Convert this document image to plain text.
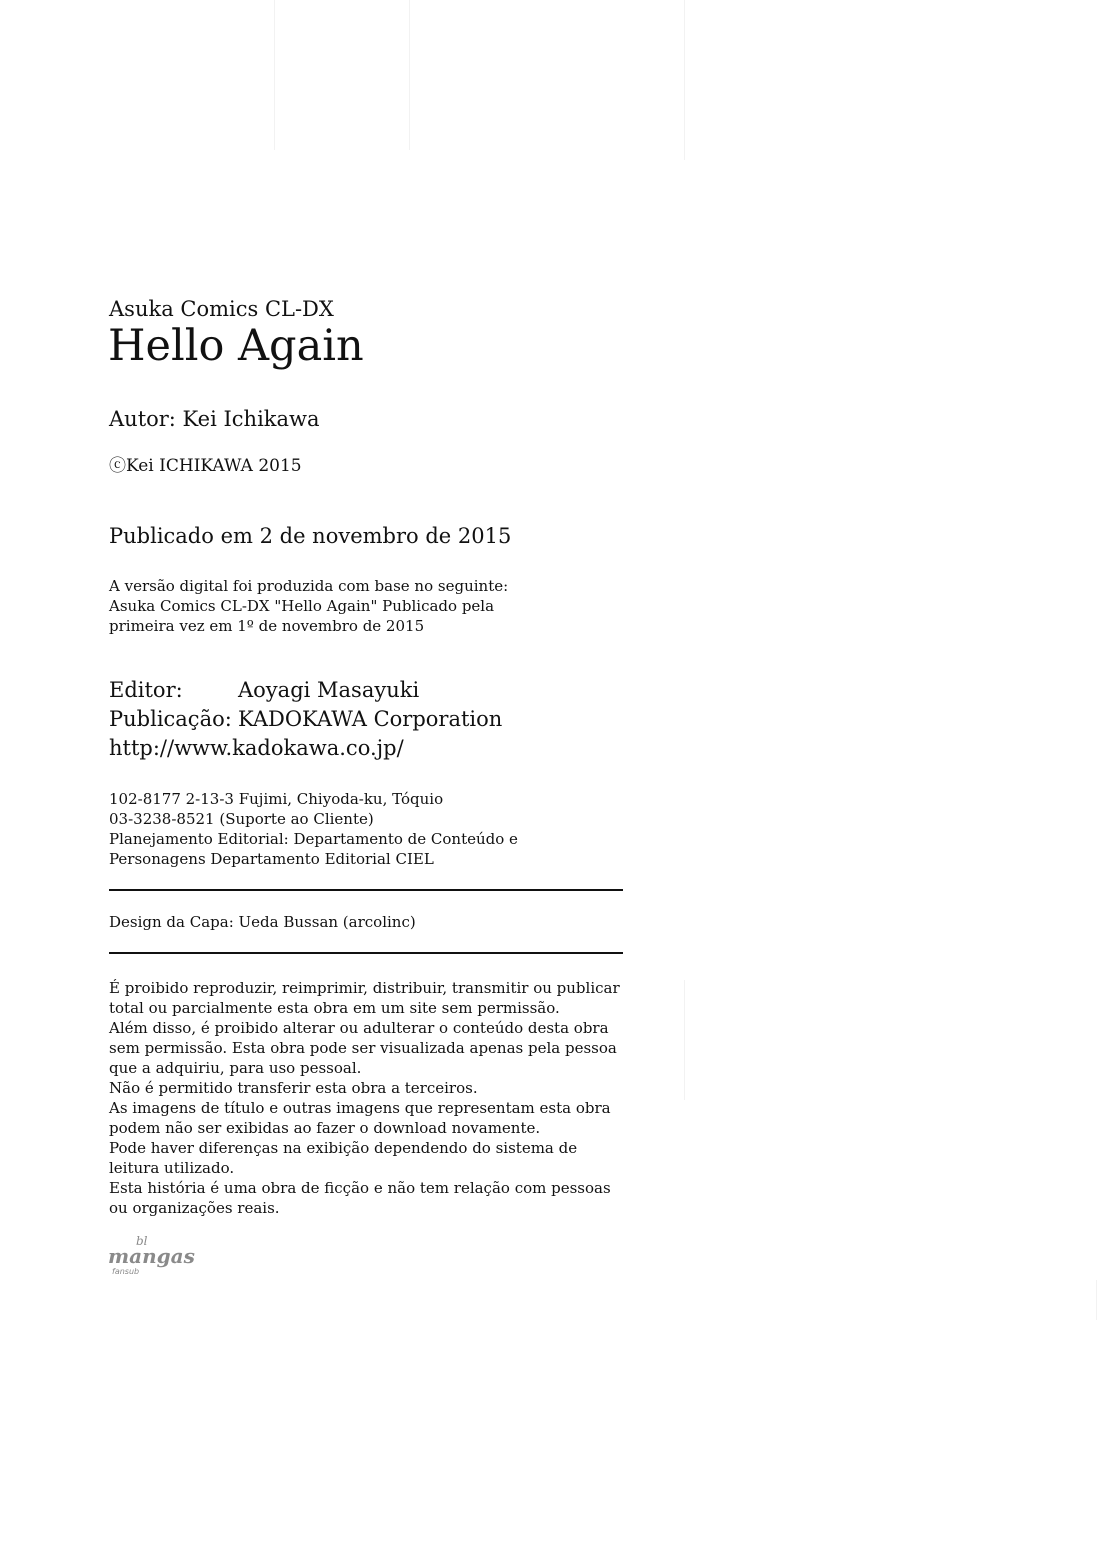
Asuka Comics CL-DX
Hello Again
Autor: Kei Ichikawa
ⓒKei ICHIKAWA 2015
Publicado em 2 de novembro de 2015
A versão digital foi produzida com base no seguinte:
Asuka Comics CL-DX "Hello Again" Publicado pela
primeira vez em 1º de novembro de 2015
Editor:	Aoyagi Masayuki
Publicação: KADOKAWA Corporation
http://www.kadokawa.co.jp/
102-8177 2-13-3 Fujimi, Chiyoda-ku, Tóquio
03-3238-8521 (Suporte ao Cliente)
Planejamento Editorial: Departamento de Conteúdo e
Personagens Departamento Editorial CIEL
Design da Capa: Ueda Bussan (arcolinc)
É proibido reproduzir, reimprimir, distribuir, transmitir ou publicar
total ou parcialmente esta obra em um site sem permissão.
Além disso, é proibido alterar ou adulterar o conteúdo desta obra
sem permissão. Esta obra pode ser visualizada apenas pela pessoa
que a adquiriu, para uso pessoal.
Não é permitido transferir esta obra a terceiros.
As imagens de título e outras imagens que representam esta obra
podem não ser exibidas ao fazer o download novamente.
Pode haver diferenças na exibição dependendo do sistema de
leitura utilizado.
Esta história é uma obra de ficção e não tem relação com pessoas
ou organizações reais.
bl
mangas
fansub
